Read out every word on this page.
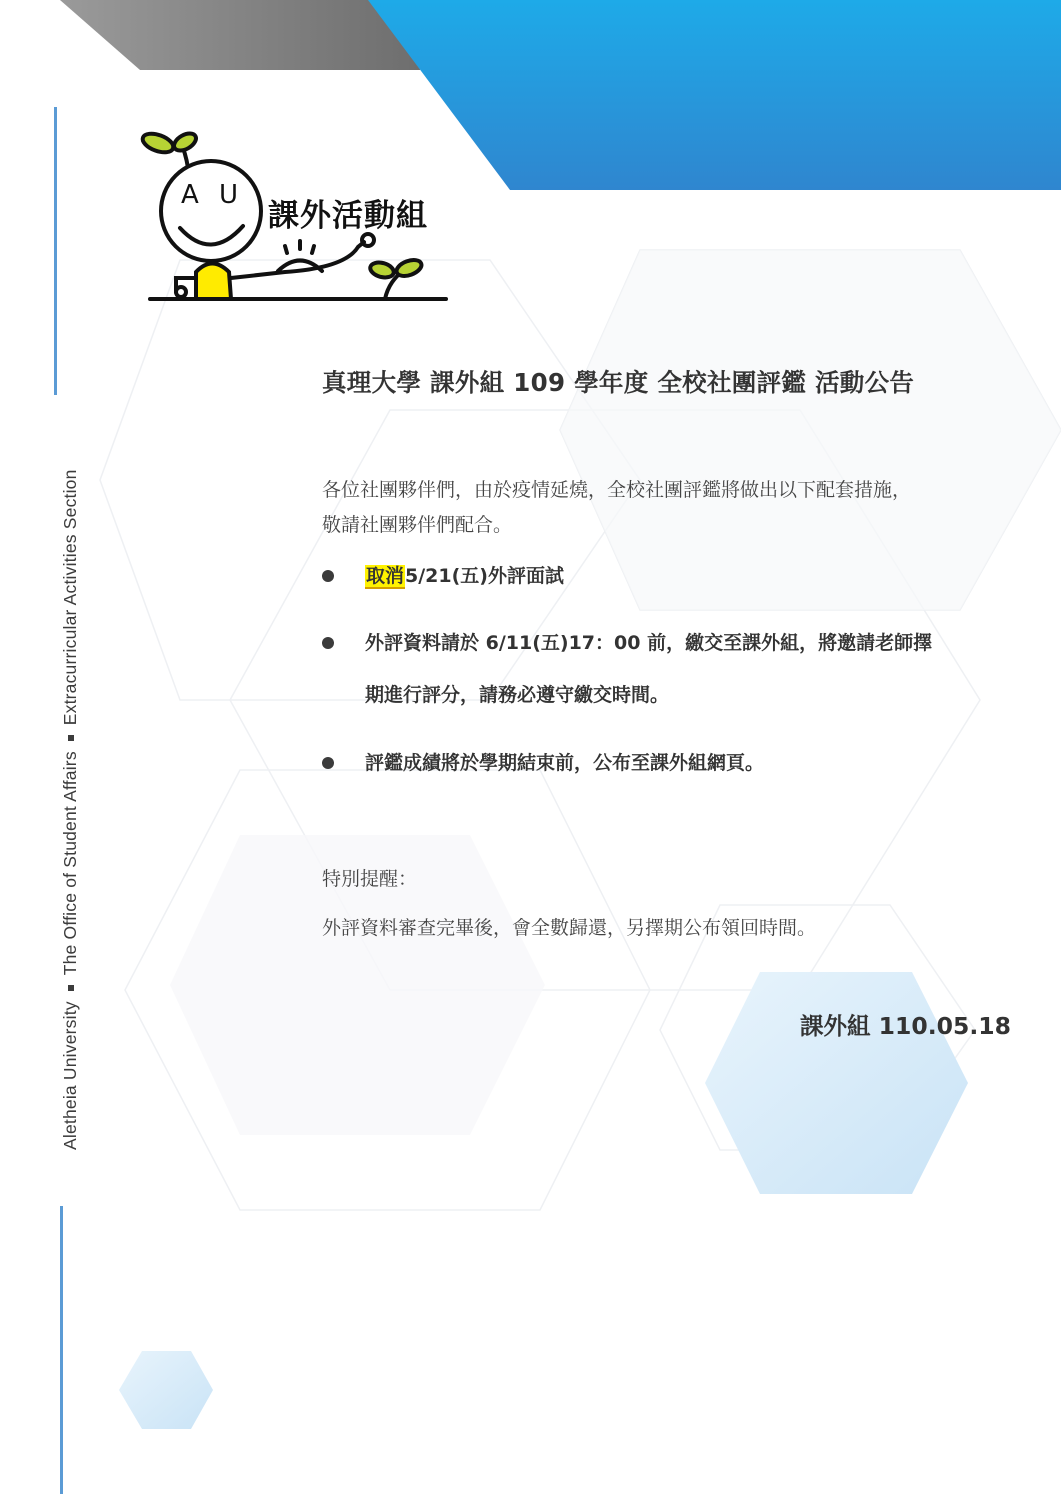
A U
課外活動組
Aletheia UniversityThe Office of Student AffairsExtracurricular Activities Section
真理大學 課外組 109 學年度 全校社團評鑑 活動公告
各位社團夥伴們，由於疫情延燒，全校社團評鑑將做出以下配套措施，
敬請社團夥伴們配合。
取消5/21(五)外評面試
外評資料請於 6/11(五)17：00 前，繳交至課外組，將邀請老師擇
期進行評分，請務必遵守繳交時間。
評鑑成績將於學期結束前，公布至課外組網頁。
特別提醒：
外評資料審查完畢後，會全數歸還，另擇期公布領回時間。
課外組 110.05.18
